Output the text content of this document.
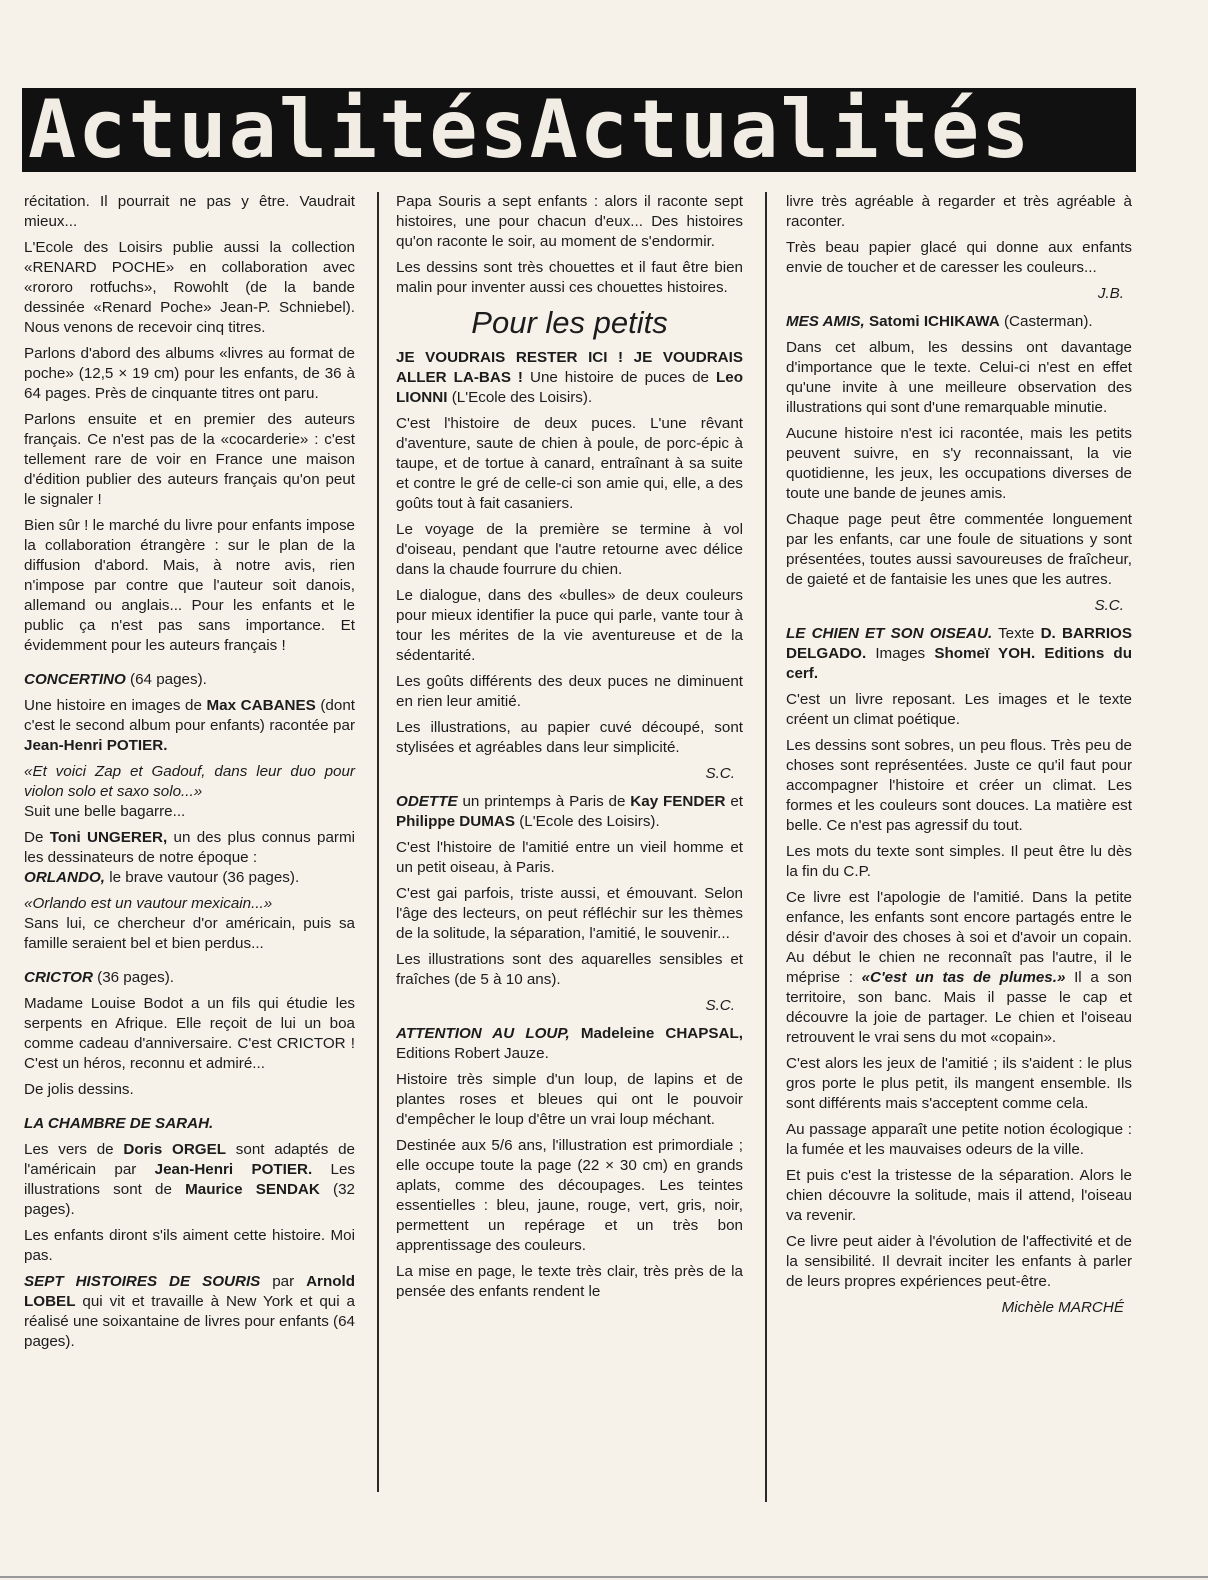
ActualitésActualités

récitation. Il pourrait ne pas y être. Vaudrait mieux...

L'Ecole des Loisirs publie aussi la collection «RENARD POCHE» en collaboration avec «rororo rotfuchs», Rowohlt (de la bande dessinée «Renard Poche» Jean-P. Schniebel). Nous venons de recevoir cinq titres.

Parlons d'abord des albums «livres au format de poche» (12,5 × 19 cm) pour les enfants, de 36 à 64 pages. Près de cinquante titres ont paru.

Parlons ensuite et en premier des auteurs français. Ce n'est pas de la «cocarderie» : c'est tellement rare de voir en France une maison d'édition publier des auteurs français qu'on peut le signaler !

Bien sûr ! le marché du livre pour enfants impose la collaboration étrangère : sur le plan de la diffusion d'abord. Mais, à notre avis, rien n'impose par contre que l'auteur soit danois, allemand ou anglais... Pour les enfants et le public ça n'est pas sans importance. Et évidemment pour les auteurs français !

CONCERTINO (64 pages).

Une histoire en images de Max CABANES (dont c'est le second album pour enfants) racontée par Jean-Henri POTIER.

«Et voici Zap et Gadouf, dans leur duo pour violon solo et saxo solo...»

Suit une belle bagarre...

De Toni UNGERER, un des plus connus parmi les dessinateurs de notre époque :

ORLANDO, le brave vautour (36 pages).

«Orlando est un vautour mexicain...»

Sans lui, ce chercheur d'or américain, puis sa famille seraient bel et bien perdus...

CRICTOR (36 pages).

Madame Louise Bodot a un fils qui étudie les serpents en Afrique. Elle reçoit de lui un boa comme cadeau d'anniversaire. C'est CRICTOR ! C'est un héros, reconnu et admiré...

De jolis dessins.

LA CHAMBRE DE SARAH.

Les vers de Doris ORGEL sont adaptés de l'américain par Jean-Henri POTIER. Les illustrations sont de Maurice SENDAK (32 pages).

Les enfants diront s'ils aiment cette histoire. Moi pas.

SEPT HISTOIRES DE SOURIS par Arnold LOBEL qui vit et travaille à New York et qui a réalisé une soixantaine de livres pour enfants (64 pages).

Papa Souris a sept enfants : alors il raconte sept histoires, une pour chacun d'eux... Des histoires qu'on raconte le soir, au moment de s'endormir.

Les dessins sont très chouettes et il faut être bien malin pour inventer aussi ces chouettes histoires.

Pour les petits

JE VOUDRAIS RESTER ICI ! JE VOUDRAIS ALLER LA-BAS ! Une histoire de puces de Leo LIONNI (L'Ecole des Loisirs).

C'est l'histoire de deux puces. L'une rêvant d'aventure, saute de chien à poule, de porc-épic à taupe, et de tortue à canard, entraînant à sa suite et contre le gré de celle-ci son amie qui, elle, a des goûts tout à fait casaniers.

Le voyage de la première se termine à vol d'oiseau, pendant que l'autre retourne avec délice dans la chaude fourrure du chien.

Le dialogue, dans des «bulles» de deux couleurs pour mieux identifier la puce qui parle, vante tour à tour les mérites de la vie aventureuse et de la sédentarité.

Les goûts différents des deux puces ne diminuent en rien leur amitié.

Les illustrations, au papier cuvé découpé, sont stylisées et agréables dans leur simplicité.

S.C.

ODETTE un printemps à Paris de Kay FENDER et Philippe DUMAS (L'Ecole des Loisirs).

C'est l'histoire de l'amitié entre un vieil homme et un petit oiseau, à Paris.

C'est gai parfois, triste aussi, et émouvant. Selon l'âge des lecteurs, on peut réfléchir sur les thèmes de la solitude, la séparation, l'amitié, le souvenir...

Les illustrations sont des aquarelles sensibles et fraîches (de 5 à 10 ans).

S.C.

ATTENTION AU LOUP, Madeleine CHAPSAL, Editions Robert Jauze.

Histoire très simple d'un loup, de lapins et de plantes roses et bleues qui ont le pouvoir d'empêcher le loup d'être un vrai loup méchant.

Destinée aux 5/6 ans, l'illustration est primordiale ; elle occupe toute la page (22 × 30 cm) en grands aplats, comme des découpages. Les teintes essentielles : bleu, jaune, rouge, vert, gris, noir, permettent un repérage et un très bon apprentissage des couleurs.

La mise en page, le texte très clair, très près de la pensée des enfants rendent le

livre très agréable à regarder et très agréable à raconter.

Très beau papier glacé qui donne aux enfants envie de toucher et de caresser les couleurs...

J.B.

MES AMIS, Satomi ICHIKAWA (Casterman).

Dans cet album, les dessins ont davantage d'importance que le texte. Celui-ci n'est en effet qu'une invite à une meilleure observation des illustrations qui sont d'une remarquable minutie.

Aucune histoire n'est ici racontée, mais les petits peuvent suivre, en s'y reconnaissant, la vie quotidienne, les jeux, les occupations diverses de toute une bande de jeunes amis.

Chaque page peut être commentée longuement par les enfants, car une foule de situations y sont présentées, toutes aussi savoureuses de fraîcheur, de gaieté et de fantaisie les unes que les autres.

S.C.

LE CHIEN ET SON OISEAU. Texte D. BARRIOS DELGADO. Images Shomeï YOH. Editions du cerf.

C'est un livre reposant. Les images et le texte créent un climat poétique.

Les dessins sont sobres, un peu flous. Très peu de choses sont représentées. Juste ce qu'il faut pour accompagner l'histoire et créer un climat. Les formes et les couleurs sont douces. La matière est belle. Ce n'est pas agressif du tout.

Les mots du texte sont simples. Il peut être lu dès la fin du C.P.

Ce livre est l'apologie de l'amitié. Dans la petite enfance, les enfants sont encore partagés entre le désir d'avoir des choses à soi et d'avoir un copain. Au début le chien ne reconnaît pas l'autre, il le méprise : «C'est un tas de plumes.» Il a son territoire, son banc. Mais il passe le cap et découvre la joie de partager. Le chien et l'oiseau retrouvent le vrai sens du mot «copain».

C'est alors les jeux de l'amitié ; ils s'aident : le plus gros porte le plus petit, ils mangent ensemble. Ils sont différents mais s'acceptent comme cela.

Au passage apparaît une petite notion écologique : la fumée et les mauvaises odeurs de la ville.

Et puis c'est la tristesse de la séparation. Alors le chien découvre la solitude, mais il attend, l'oiseau va revenir.

Ce livre peut aider à l'évolution de l'affectivité et de la sensibilité. Il devrait inciter les enfants à parler de leurs propres expériences peut-être.

Michèle MARCHÉ
